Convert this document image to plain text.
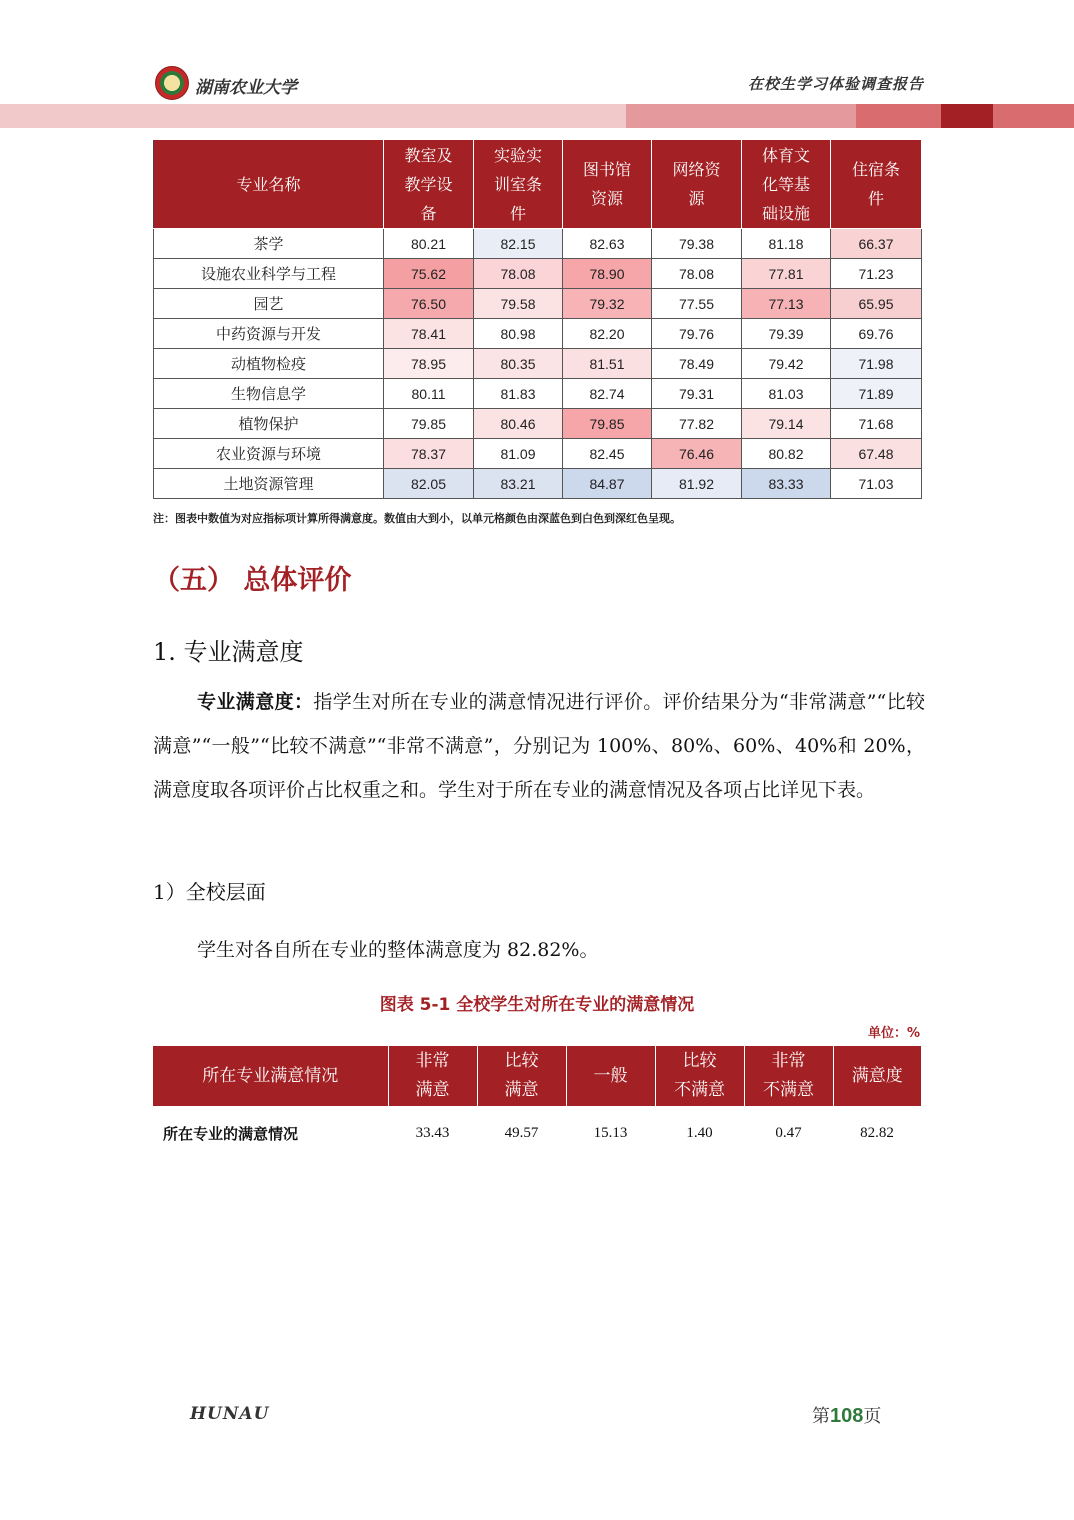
湖南农业大学	在校生学习体验调查报告
专业名称	教室及
教学设
备	实验实
训室条
件	图书馆
资源	网络资
源	体育文
化等基
础设施	住宿条
件
茶学	80.21	82.15	82.63	79.38	81.18	66.37
设施农业科学与工程	75.62	78.08	78.90	78.08	77.81	71.23
园艺	76.50	79.58	79.32	77.55	77.13	65.95
中药资源与开发	78.41	80.98	82.20	79.76	79.39	69.76
动植物检疫	78.95	80.35	81.51	78.49	79.42	71.98
生物信息学	80.11	81.83	82.74	79.31	81.03	71.89
植物保护	79.85	80.46	79.85	77.82	79.14	71.68
农业资源与环境	78.37	81.09	82.45	76.46	80.82	67.48
土地资源管理	82.05	83.21	84.87	81.92	83.33	71.03
注：图表中数值为对应指标项计算所得满意度。数值由大到小，以单元格颜色由深蓝色到白色到深红色呈现。
（五） 总体评价
1. 专业满意度
专业满意度：指学生对所在专业的满意情况进行评价。评价结果分为“非常满意”“比较满意”“一般”“比较不满意”“非常不满意”，分别记为 100%、80%、60%、40%和 20%，满意度取各项评价占比权重之和。学生对于所在专业的满意情况及各项占比详见下表。
1）全校层面
学生对各自所在专业的整体满意度为 82.82%。
图表 5-1 全校学生对所在专业的满意情况
单位：%
所在专业满意情况	非常
满意	比较
满意	一般	比较
不满意	非常
不满意	满意度
所在专业的满意情况	33.43	49.57	15.13	1.40	0.47	82.82
HUNAU	第108页
